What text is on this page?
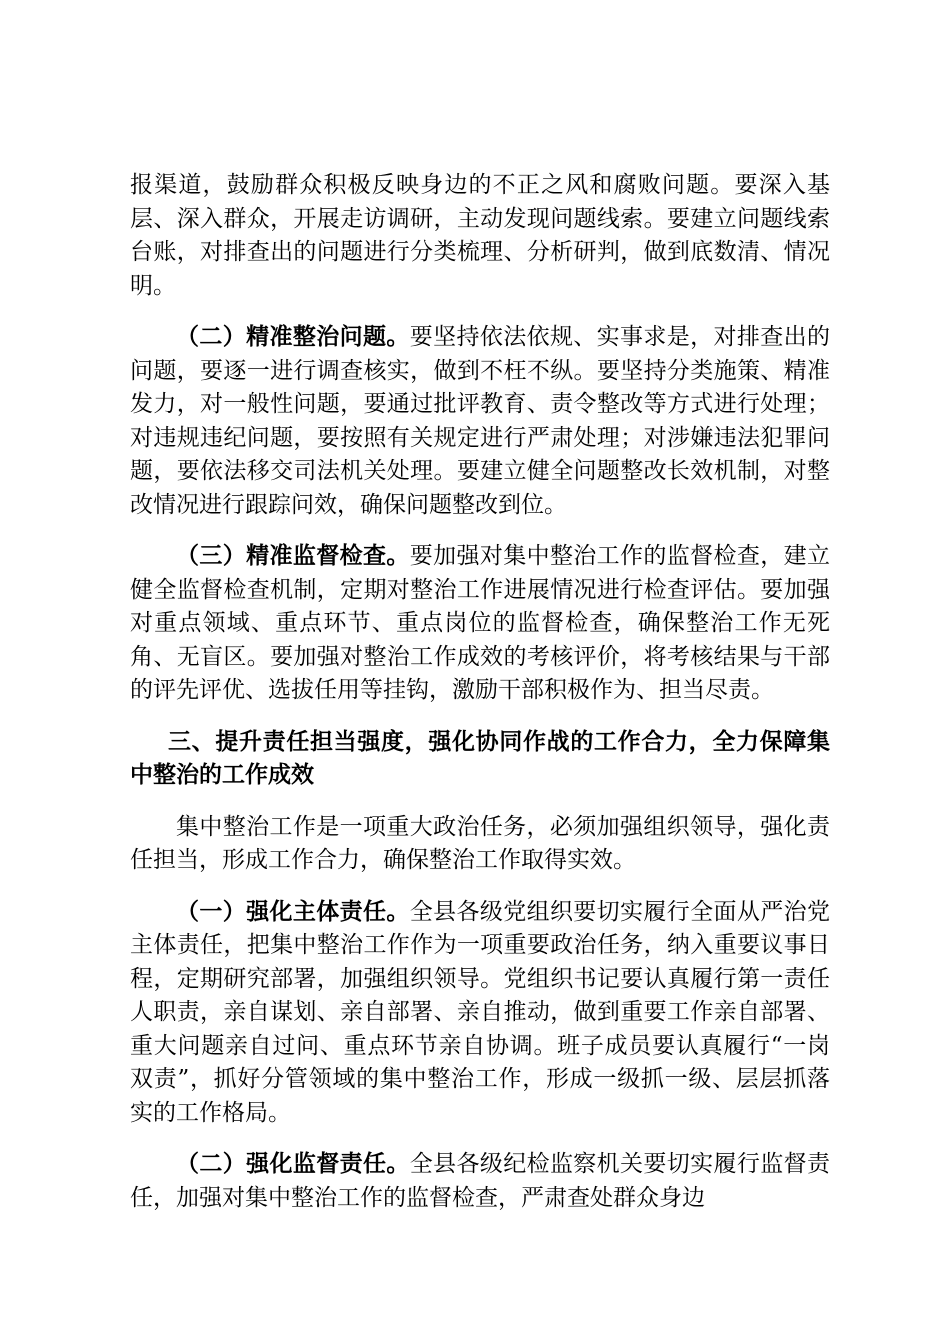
报渠道，鼓励群众积极反映身边的不正之风和腐败问题。要深入基层、深入群众，开展走访调研，主动发现问题线索。要建立问题线索台账，对排查出的问题进行分类梳理、分析研判，做到底数清、情况明。

（二）精准整治问题。要坚持依法依规、实事求是，对排查出的问题，要逐一进行调查核实，做到不枉不纵。要坚持分类施策、精准发力，对一般性问题，要通过批评教育、责令整改等方式进行处理；对违规违纪问题，要按照有关规定进行严肃处理；对涉嫌违法犯罪问题，要依法移交司法机关处理。要建立健全问题整改长效机制，对整改情况进行跟踪问效，确保问题整改到位。

（三）精准监督检查。要加强对集中整治工作的监督检查，建立健全监督检查机制，定期对整治工作进展情况进行检查评估。要加强对重点领域、重点环节、重点岗位的监督检查，确保整治工作无死角、无盲区。要加强对整治工作成效的考核评价，将考核结果与干部的评先评优、选拔任用等挂钩，激励干部积极作为、担当尽责。

三、提升责任担当强度，强化协同作战的工作合力，全力保障集中整治的工作成效

集中整治工作是一项重大政治任务，必须加强组织领导，强化责任担当，形成工作合力，确保整治工作取得实效。

（一）强化主体责任。全县各级党组织要切实履行全面从严治党主体责任，把集中整治工作作为一项重要政治任务，纳入重要议事日程，定期研究部署，加强组织领导。党组织书记要认真履行第一责任人职责，亲自谋划、亲自部署、亲自推动，做到重要工作亲自部署、重大问题亲自过问、重点环节亲自协调。班子成员要认真履行“一岗双责”，抓好分管领域的集中整治工作，形成一级抓一级、层层抓落实的工作格局。

（二）强化监督责任。全县各级纪检监察机关要切实履行监督责任，加强对集中整治工作的监督检查，严肃查处群众身边
